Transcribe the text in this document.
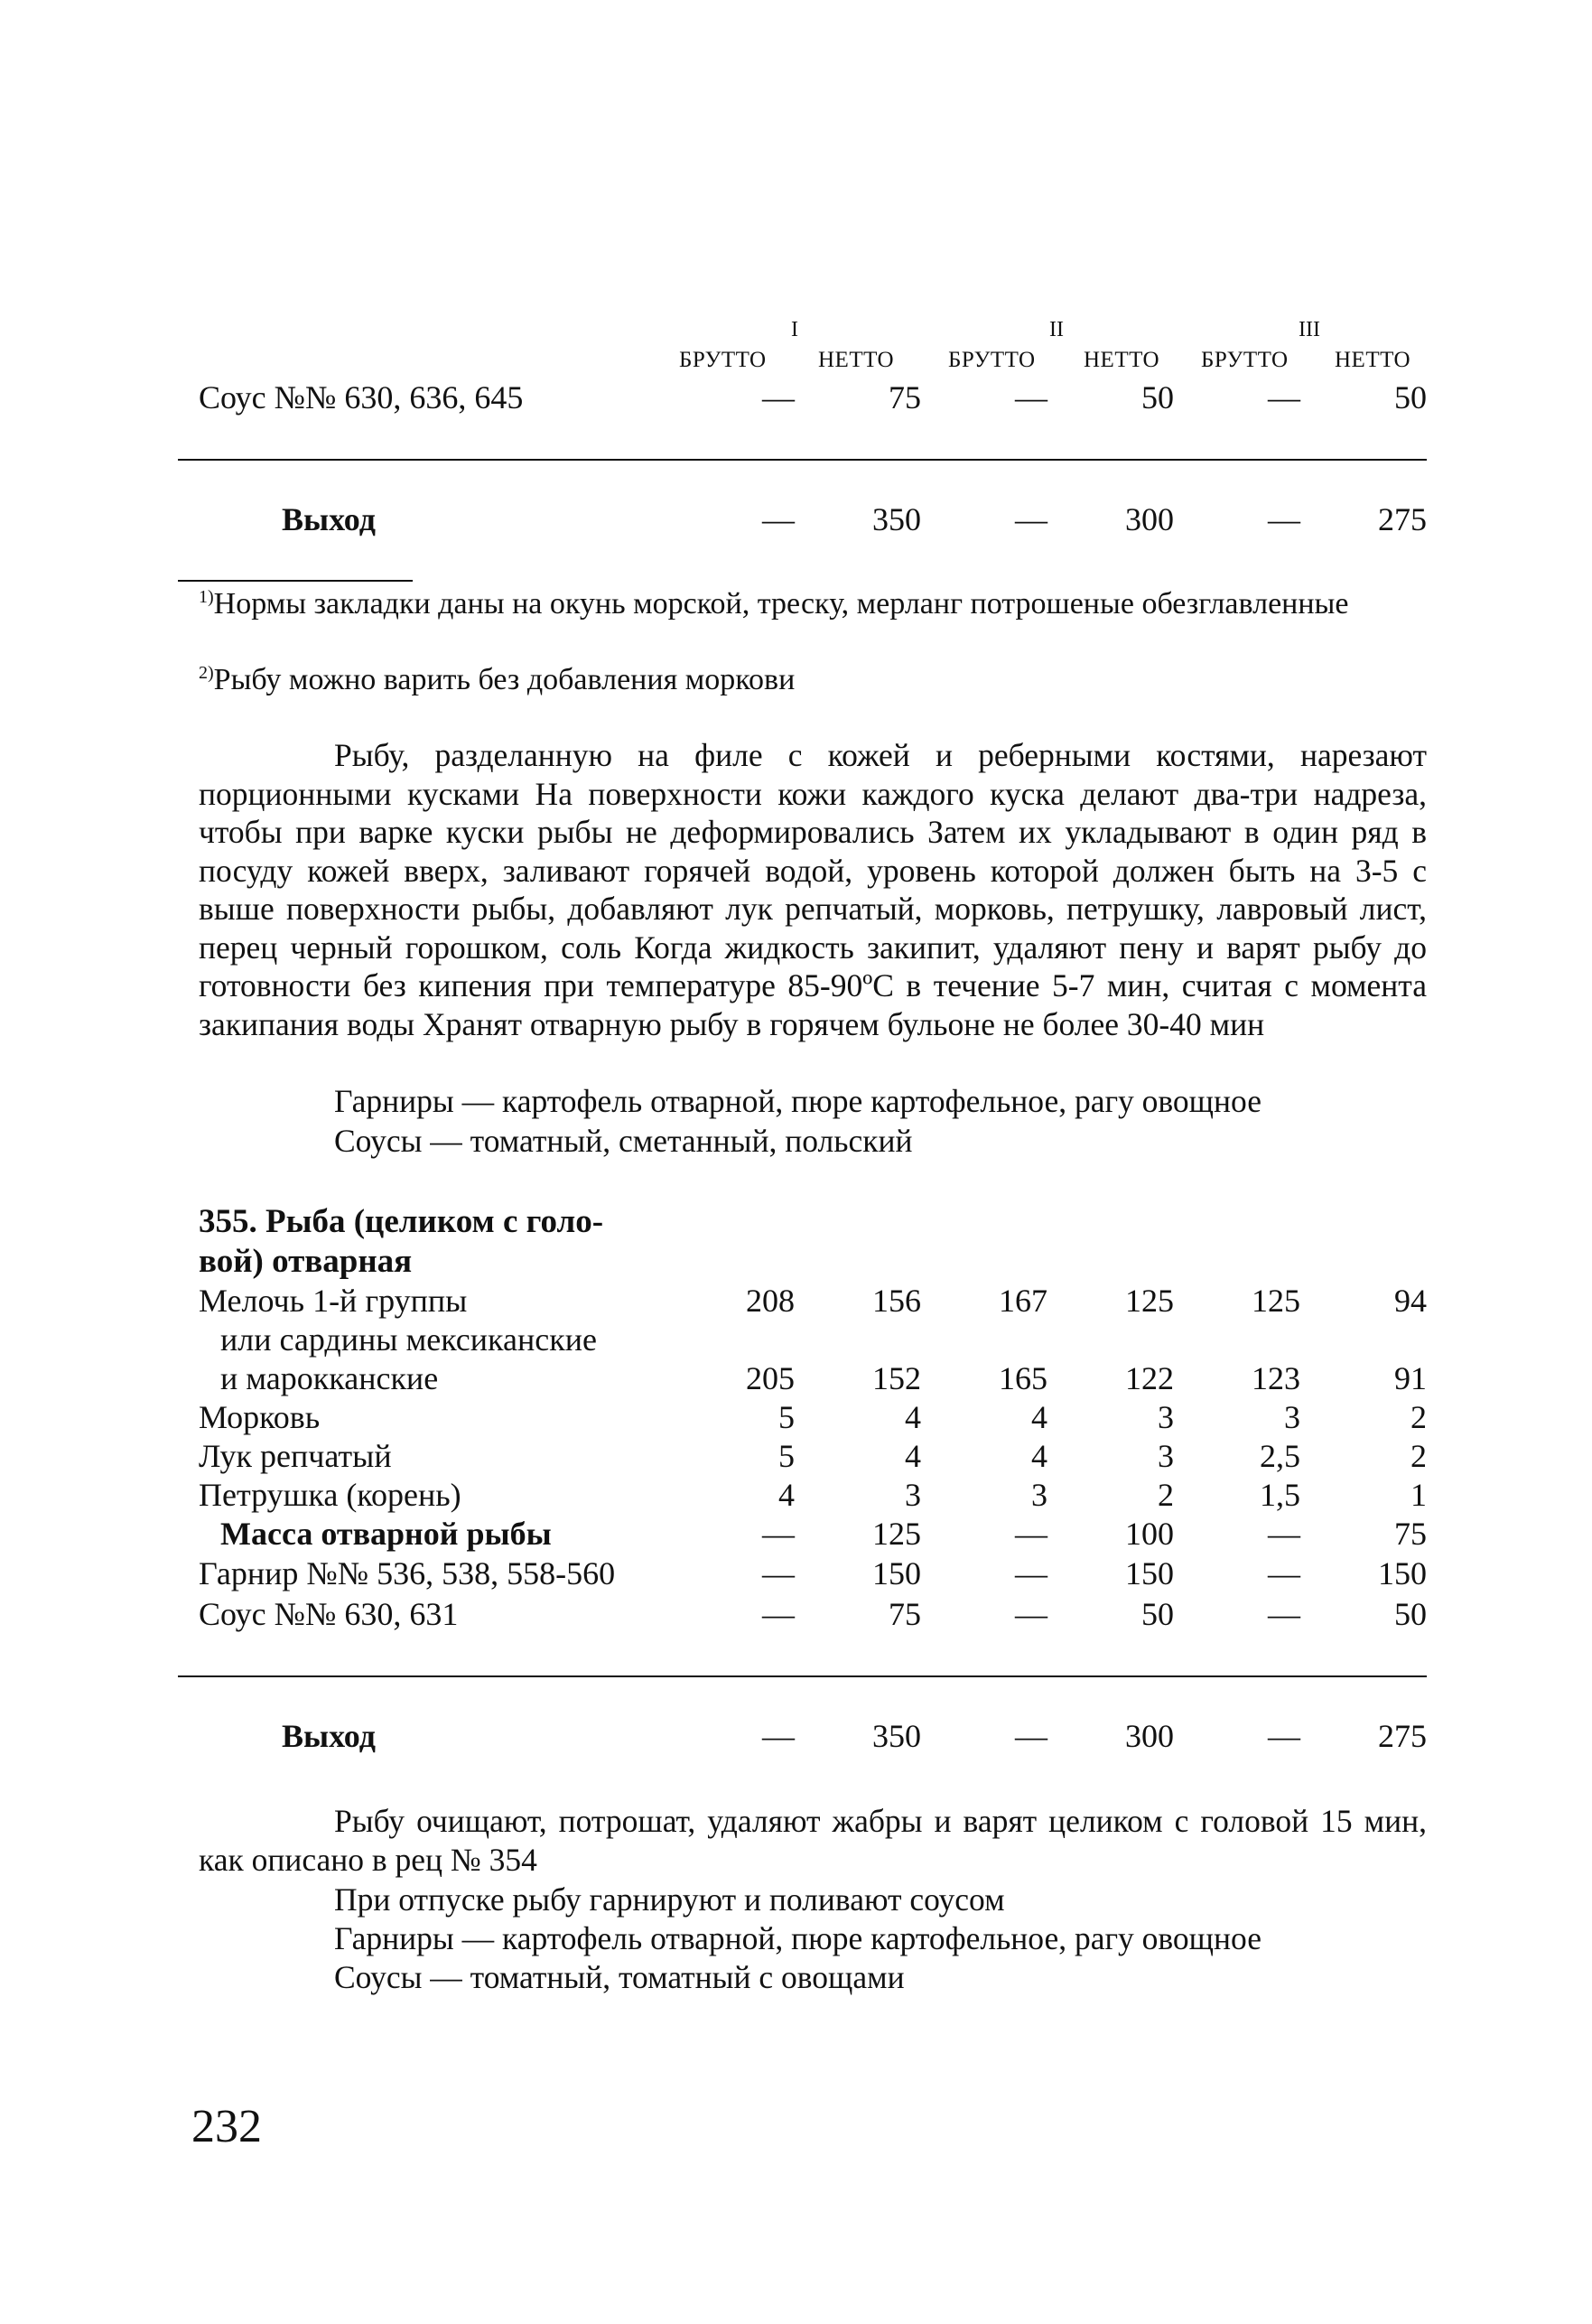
I	II	III
БРУТТО НЕТТО БРУТТО НЕТТО БРУТТО НЕТТО
Соус №№ 630, 636, 645	—	75	—	50	—	50
Выход	—	350	—	300	—	275
$^{1)}$Нормы закладки даны на окунь морской, треску, мерланг потрошеные обезглавленные
$^{2)}$Рыбу можно варить без добавления моркови

Рыбу, разделанную на филе с кожей и реберными костями, нарезают порционными кусками На поверхности кожи каждого куска делают два-три надреза, чтобы при варке куски рыбы не деформировались Затем их укладывают в один ряд в посуду кожей вверх, заливают горячей водой, уровень которой должен быть на 3-5 с выше поверхности рыбы, добавляют лук репчатый, морковь, петрушку, лавровый лист, перец черный горошком, соль Когда жидкость закипит, удаляют пену и варят рыбу до готовности без кипения при температуре 85-90ºС в течение 5-7 мин, считая с момента закипания воды Хранят отварную рыбу в горячем бульоне не более 30-40 мин

Гарниры — картофель отварной, пюре картофельное, рагу овощное
Соусы — томатный, сметанный, польский
355. Рыба (целиком с голо-
вой) отварная
Мелочь 1-й группы	208	156	167	125	125	94
или сардины мексиканские
и марокканские	205	152	165	122	123	91
Морковь	5	4	4	3	3	2
Лук репчатый	5	4	4	3	2,5	2
Петрушка (корень)	4	3	3	2	1,5	1
Масса отварной рыбы	—	125	—	100	—	75
Гарнир №№ 536, 538, 558-560	—	150	—	150	—	150
Соус №№ 630, 631	—	75	—	50	—	50
Выход	—	350	—	300	—	275

Рыбу очищают, потрошат, удаляют жабры и варят целиком с головой 15 мин, как описано в рец № 354

При отпуске рыбу гарнируют и поливают соусом
Гарниры — картофель отварной, пюре картофельное, рагу овощное
Соусы — томатный, томатный с овощами
232
